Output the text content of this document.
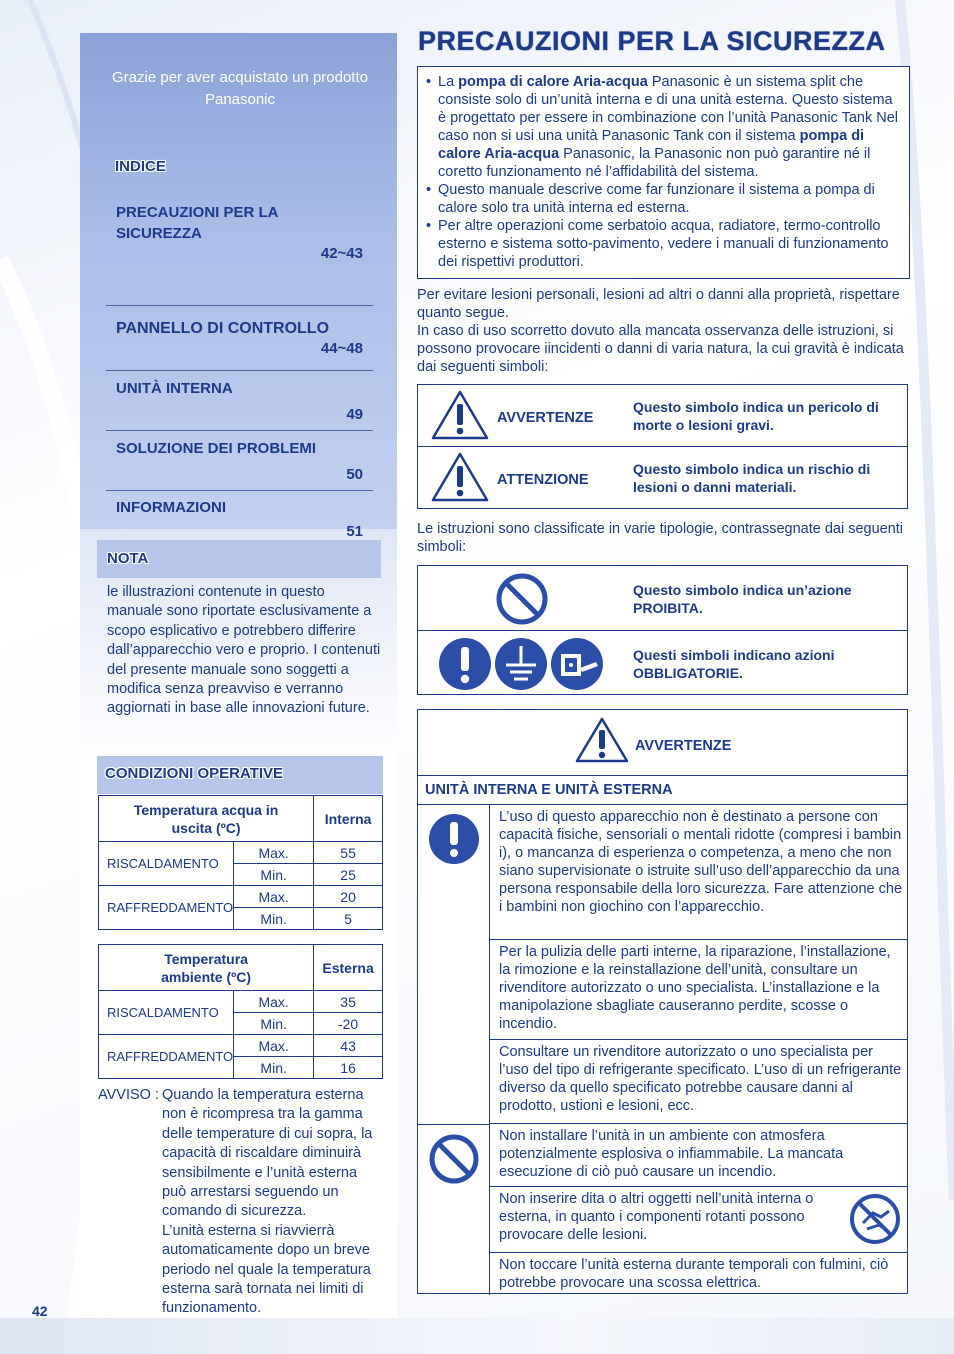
Grazie per aver acquistato un prodotto Panasonic
INDICE
PRECAUZIONI PER LA SICUREZZA
42~43
PANNELLO DI CONTROLLO
44~48
UNITÀ INTERNA
49
SOLUZIONE DEI PROBLEMI
50
INFORMAZIONI
51
NOTA
le illustrazioni contenute in questo manuale sono riportate esclusivamente a scopo esplicativo e potrebbero differire dall’apparecchio vero e proprio. I contenuti del presente manuale sono soggetti a modifica senza preavviso e verranno aggiornati in base alle innovazioni future.
CONDIZIONI OPERATIVE
Temperatura acqua in uscita (ºC)		Interna
RISCALDAMENTO	Max.	55
	Min.	25
RAFFREDDAMENTO	Max.	20
	Min.	5
Temperatura ambiente (ºC)		Esterna
RISCALDAMENTO	Max.	35
	Min.	-20
RAFFREDDAMENTO	Max.	43
	Min.	16
AVVISO : Quando la temperatura esterna non è ricompresa tra la gamma delle temperature di cui sopra, la capacità di riscaldare diminuirà sensibilmente e l’unità esterna può arrestarsi seguendo un comando di sicurezza.
L’unità esterna si riavvierrà automaticamente dopo un breve periodo nel quale la temperatura esterna sarà tornata nei limiti di funzionamento.
42
PRECAUZIONI PER LA SICUREZZA
• La pompa di calore Aria-acqua Panasonic è un sistema split che consiste solo di un’unità interna e di una unità esterna. Questo sistema è progettato per essere in combinazione con l’unità Panasonic Tank Nel caso non si usi una unità Panasonic Tank con il sistema pompa di calore Aria-acqua Panasonic, la Panasonic non può garantire né il coretto funzionamento né l’affidabilità del sistema.
• Questo manuale descrive come far funzionare il sistema a pompa di calore solo tra unità interna ed esterna.
• Per altre operazioni come serbatoio acqua, radiatore, termo-controllo esterno e sistema sotto-pavimento, vedere i manuali di funzionamento dei rispettivi produttori.
Per evitare lesioni personali, lesioni ad altri o danni alla proprietà, rispettare quanto segue.
In caso di uso scorretto dovuto alla mancata osservanza delle istruzioni, si possono provocare iincidenti o danni di varia natura, la cui gravità è indicata dai seguenti simboli:
AVVERTENZE
Questo simbolo indica un pericolo di morte o lesioni gravi.
ATTENZIONE
Questo simbolo indica un rischio di lesioni o danni materiali.
Le istruzioni sono classificate in varie tipologie, contrassegnate dai seguenti simboli:
Questo simbolo indica un’azione PROIBITA.
Questi simboli indicano azioni OBBLIGATORIE.
AVVERTENZE
UNITÀ INTERNA E UNITÀ ESTERNA
L’uso di questo apparecchio non è destinato a persone con capacità fisiche, sensoriali o mentali ridotte (compresi i bambin i), o mancanza di esperienza o competenza, a meno che non siano supervisionate o istruite sull’uso dell’apparecchio da una persona responsabile della loro sicurezza. Fare attenzione che i bambini non giochino con l’apparecchio.
Per la pulizia delle parti interne, la riparazione, l’installazione, la rimozione e la reinstallazione dell’unità, consultare un rivenditore autorizzato o uno specialista. L’installazione e la manipolazione sbagliate causeranno perdite, scosse o incendio.
Consultare un rivenditore autorizzato o uno specialista per l’uso del tipo di refrigerante specificato. L’uso di un refrigerante diverso da quello specificato potrebbe causare danni al prodotto, ustioni e lesioni, ecc.
Non installare l’unità in un ambiente con atmosfera potenzialmente esplosiva o infiammabile. La mancata esecuzione di ciò può causare un incendio.
Non inserire dita o altri oggetti nell’unità interna o esterna, in quanto i componenti rotanti possono provocare delle lesioni.
Non toccare l’unità esterna durante temporali con fulmini, ciò potrebbe provocare una scossa elettrica.
